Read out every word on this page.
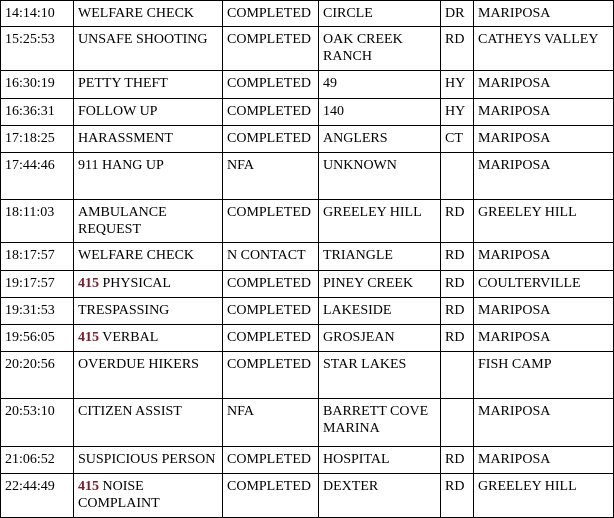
14:14:10	WELFARE CHECK	COMPLETED	CIRCLE	DR	MARIPOSA
15:25:53	UNSAFE SHOOTING	COMPLETED	OAK CREEK RANCH	RD	CATHEYS VALLEY
16:30:19	PETTY THEFT	COMPLETED	49	HY	MARIPOSA
16:36:31	FOLLOW UP	COMPLETED	140	HY	MARIPOSA
17:18:25	HARASSMENT	COMPLETED	ANGLERS	CT	MARIPOSA
17:44:46	911 HANG UP	NFA	UNKNOWN		MARIPOSA
18:11:03	AMBULANCE REQUEST	COMPLETED	GREELEY HILL	RD	GREELEY HILL
18:17:57	WELFARE CHECK	N CONTACT	TRIANGLE	RD	MARIPOSA
19:17:57	415 PHYSICAL	COMPLETED	PINEY CREEK	RD	COULTERVILLE
19:31:53	TRESPASSING	COMPLETED	LAKESIDE	RD	MARIPOSA
19:56:05	415 VERBAL	COMPLETED	GROSJEAN	RD	MARIPOSA
20:20:56	OVERDUE HIKERS	COMPLETED	STAR LAKES		FISH CAMP
20:53:10	CITIZEN ASSIST	NFA	BARRETT COVE MARINA		MARIPOSA
21:06:52	SUSPICIOUS PERSON	COMPLETED	HOSPITAL	RD	MARIPOSA
22:44:49	415 NOISE COMPLAINT	COMPLETED	DEXTER	RD	GREELEY HILL
